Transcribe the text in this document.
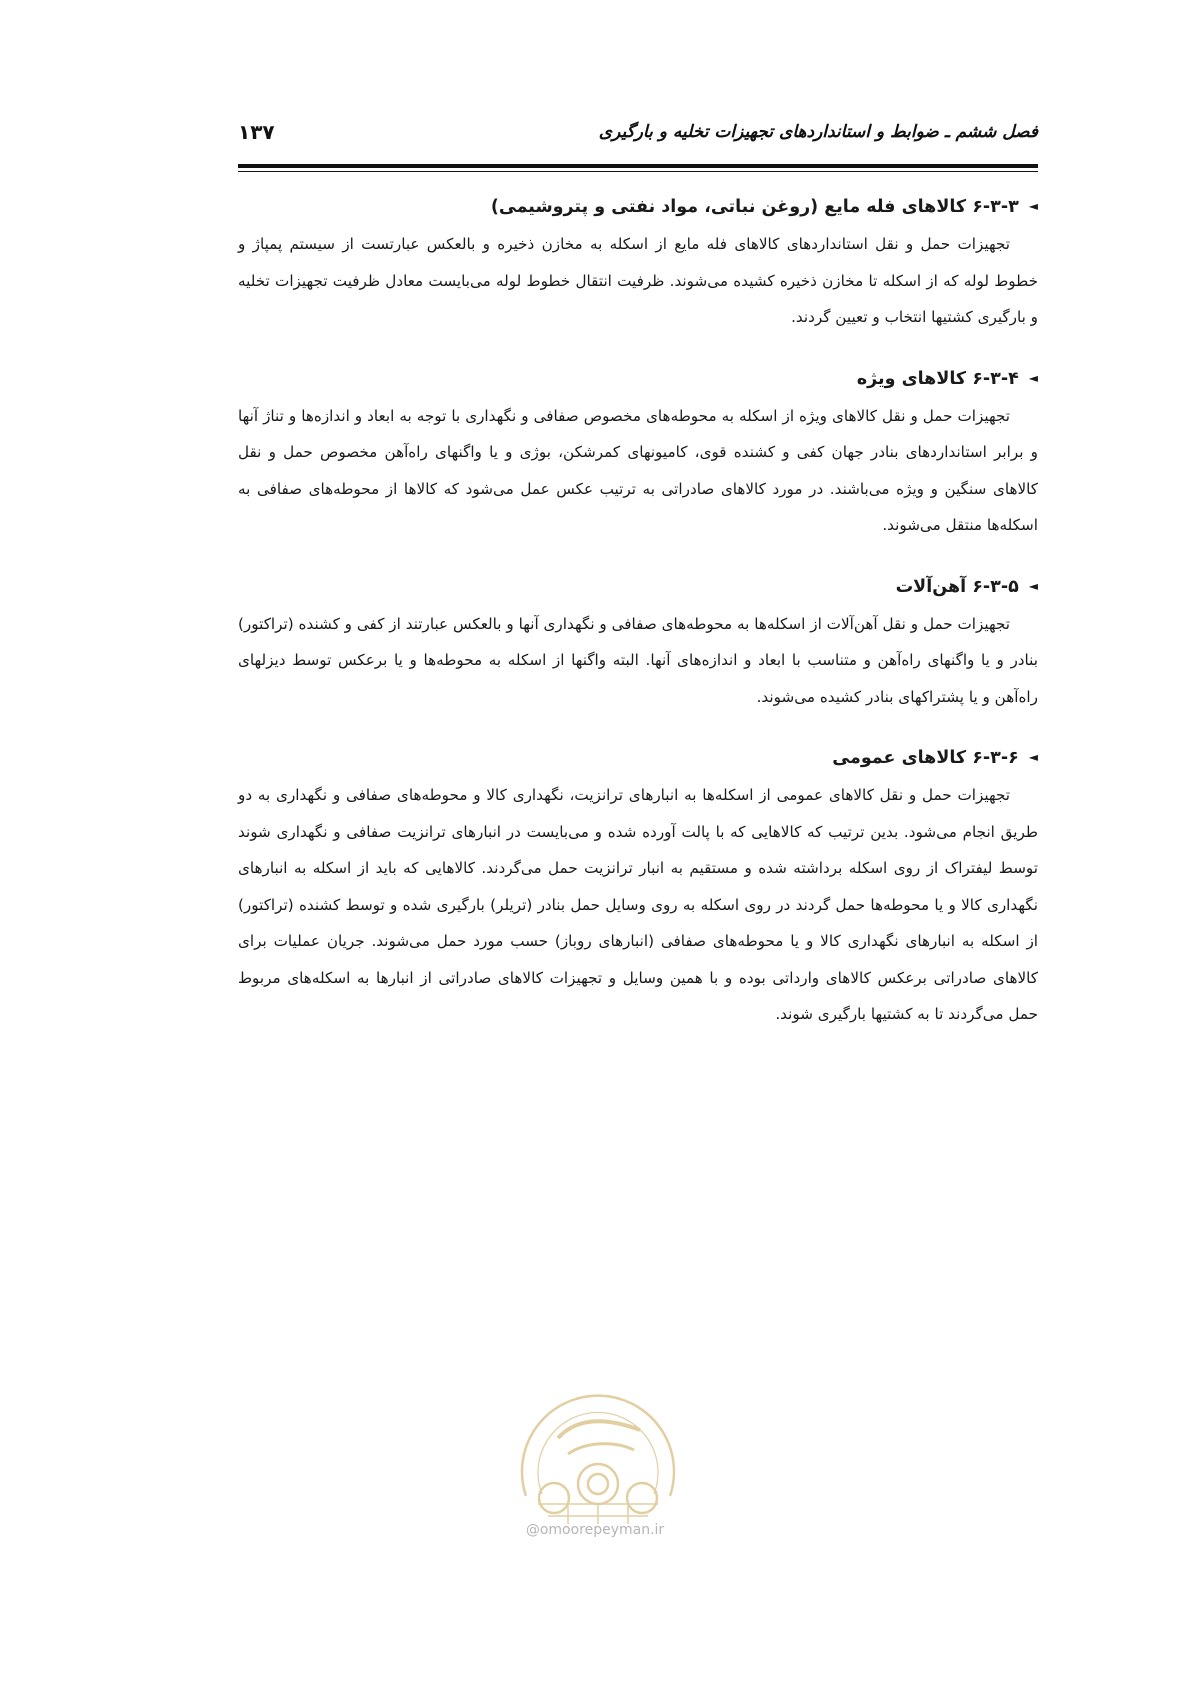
فصل ششم ـ ضوابط و استانداردهای تجهیزات تخلیه و بارگیری
۱۳۷
◄۶-۳-۳ کالاهای فله مایع (روغن نباتی، مواد نفتی و پتروشیمی)

تجهیزات حمل و نقل استانداردهای کالاهای فله مایع از اسکله به مخازن ذخیره و بالعکس عبارتست از سیستم پمپاژ و خطوط لوله که از اسکله تا مخازن ذخیره کشیده می‌شوند. ظرفیت انتقال خطوط لوله می‌بایست معادل ظرفیت تجهیزات تخلیه و بارگیری کشتیها انتخاب و تعیین گردند.

◄۶-۳-۴ کالاهای ویژه

تجهیزات حمل و نقل کالاهای ویژه از اسکله به محوطه‌های مخصوص صفافی و نگهداری با توجه به ابعاد و اندازه‌ها و تناژ آنها و برابر استانداردهای بنادر جهان کفی و کشنده قوی، کامیونهای کمرشکن، بوژی و یا واگنهای راه‌آهن مخصوص حمل و نقل کالاهای سنگین و ویژه می‌باشند. در مورد کالاهای صادراتی به ترتیب عکس عمل می‌شود که کالاها از محوطه‌های صفافی به اسکله‌ها منتقل می‌شوند.

◄۶-۳-۵ آهن‌آلات

تجهیزات حمل و نقل آهن‌آلات از اسکله‌ها به محوطه‌های صفافی و نگهداری آنها و بالعکس عبارتند از کفی و کشنده (تراکتور) بنادر و یا واگنهای راه‌آهن و متناسب با ابعاد و اندازه‌های آنها. البته واگنها از اسکله به محوطه‌ها و یا برعکس توسط دیزلهای راه‌آهن و یا پشتراکهای بنادر کشیده می‌شوند.

◄۶-۳-۶ کالاهای عمومی

تجهیزات حمل و نقل کالاهای عمومی از اسکله‌ها به انبارهای ترانزیت، نگهداری کالا و محوطه‌های صفافی و نگهداری به دو طریق انجام می‌شود. بدین ترتیب که کالاهایی که با پالت آورده شده و می‌بایست در انبارهای ترانزیت صفافی و نگهداری شوند توسط لیفتراک از روی اسکله برداشته شده و مستقیم به انبار ترانزیت حمل می‌گردند. کالاهایی که باید از اسکله به انبارهای نگهداری کالا و یا محوطه‌ها حمل گردند در روی اسکله به روی وسایل حمل بنادر (تریلر) بارگیری شده و توسط کشنده (تراکتور) از اسکله به انبارهای نگهداری کالا و یا محوطه‌های صفافی (انبارهای روباز) حسب مورد حمل می‌شوند. جریان عملیات برای کالاهای صادراتی برعکس کالاهای وارداتی بوده و با همین وسایل و تجهیزات کالاهای صادراتی از انبارها به اسکله‌های مربوط حمل می‌گردند تا به کشتیها بارگیری شوند.

@omoorepeyman.ir
